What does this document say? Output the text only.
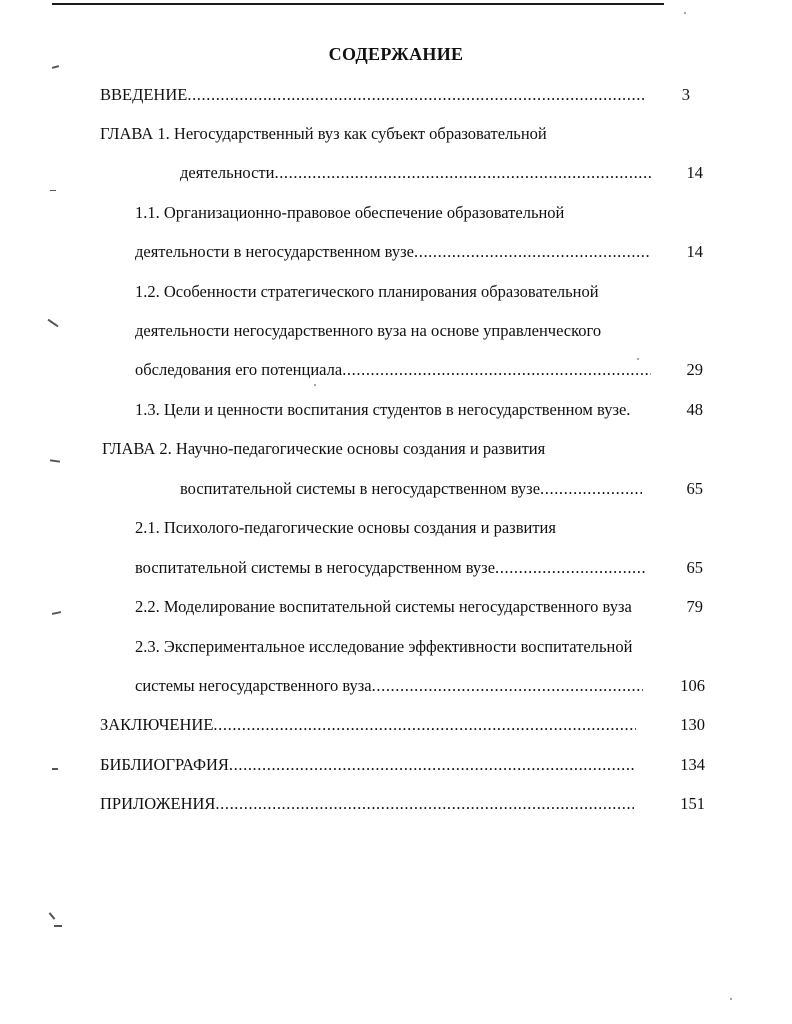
СОДЕРЖАНИЕ
ВВЕДЕНИЕ .....	3
ГЛАВА 1. Негосударственный вуз как субъект образовательной
деятельности .....	14
1.1. Организационно-правовое обеспечение образовательной
деятельности в негосударственном вузе .....	14
1.2. Особенности стратегического планирования образовательной
деятельности негосударственного вуза на основе управленческого
обследования его потенциала .....	29
1.3. Цели и ценности воспитания студентов в негосударственном вузе.	48
ГЛАВА 2. Научно-педагогические основы создания и развития
воспитательной системы в негосударственном вузе .....	65
2.1. Психолого-педагогические основы создания и развития
воспитательной системы в негосударственном вузе .....	65
2.2. Моделирование воспитательной системы негосударственного вуза	79
2.3. Экспериментальное исследование эффективности воспитательной
системы негосударственного вуза .....	106
ЗАКЛЮЧЕНИЕ .....	130
БИБЛИОГРАФИЯ .....	134
ПРИЛОЖЕНИЯ .....	151
